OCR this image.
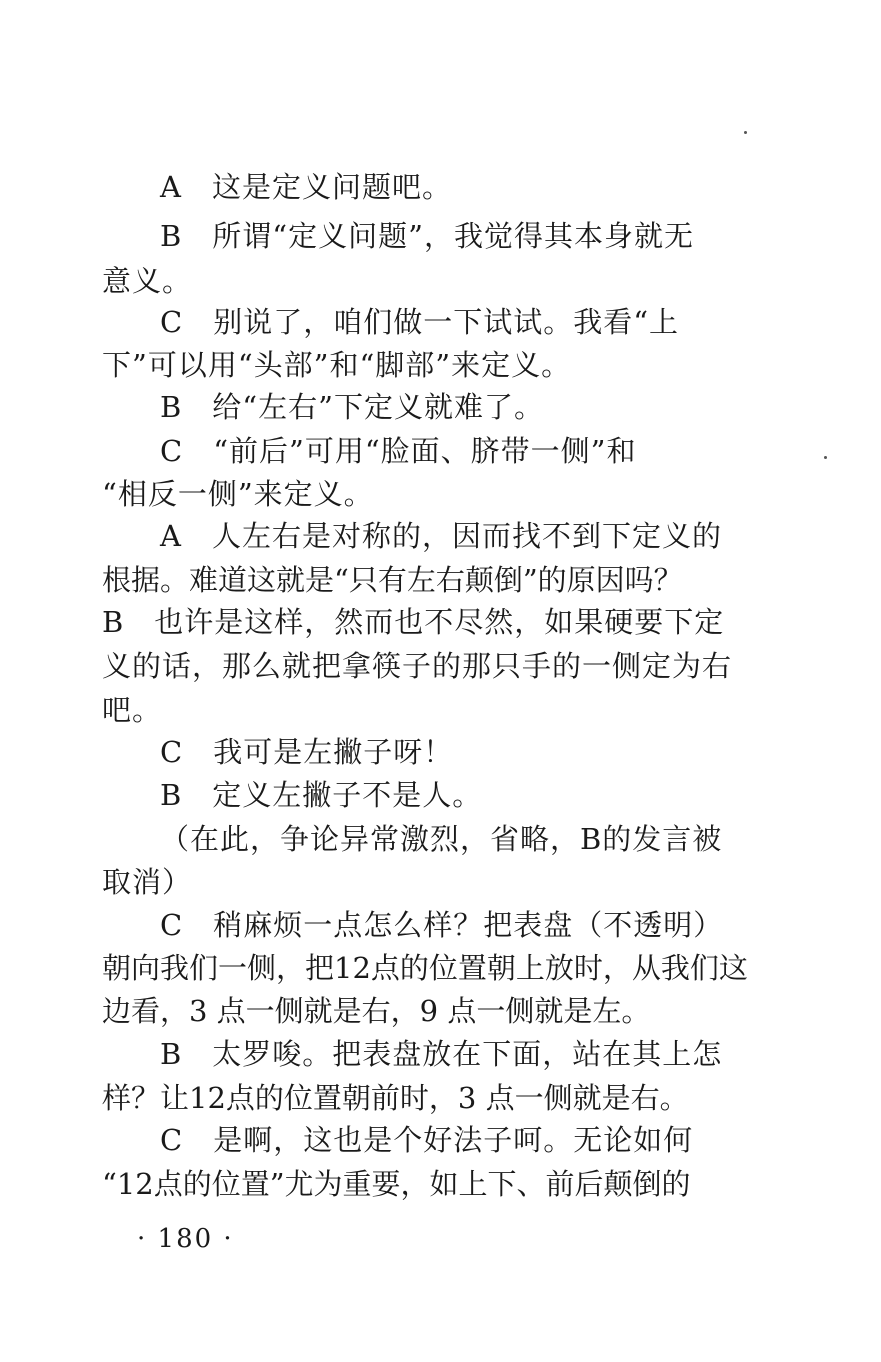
A　这是定义问题吧。
B　所谓“定义问题”，我觉得其本身就无
意义。
C　别说了，咱们做一下试试。我看“上
下”可以用“头部”和“脚部”来定义。
B　给“左右”下定义就难了。
C　“前后”可用“脸面、脐带一侧”和
“相反一侧”来定义。
A　人左右是对称的，因而找不到下定义的
根据。难道这就是“只有左右颠倒”的原因吗？
B　也许是这样，然而也不尽然，如果硬要下定
义的话，那么就把拿筷子的那只手的一侧定为右
吧。
C　我可是左撇子呀！
B　定义左撇子不是人。
（在此，争论异常激烈，省略，B的发言被
取消）
C　稍麻烦一点怎么样？把表盘（不透明）
朝向我们一侧，把12点的位置朝上放时，从我们这
边看，3 点一侧就是右，9 点一侧就是左。
B　太罗唆。把表盘放在下面，站在其上怎
样？让12点的位置朝前时，3 点一侧就是右。
C　是啊，这也是个好法子呵。无论如何
“12点的位置”尤为重要，如上下、前后颠倒的
· 180 ·
